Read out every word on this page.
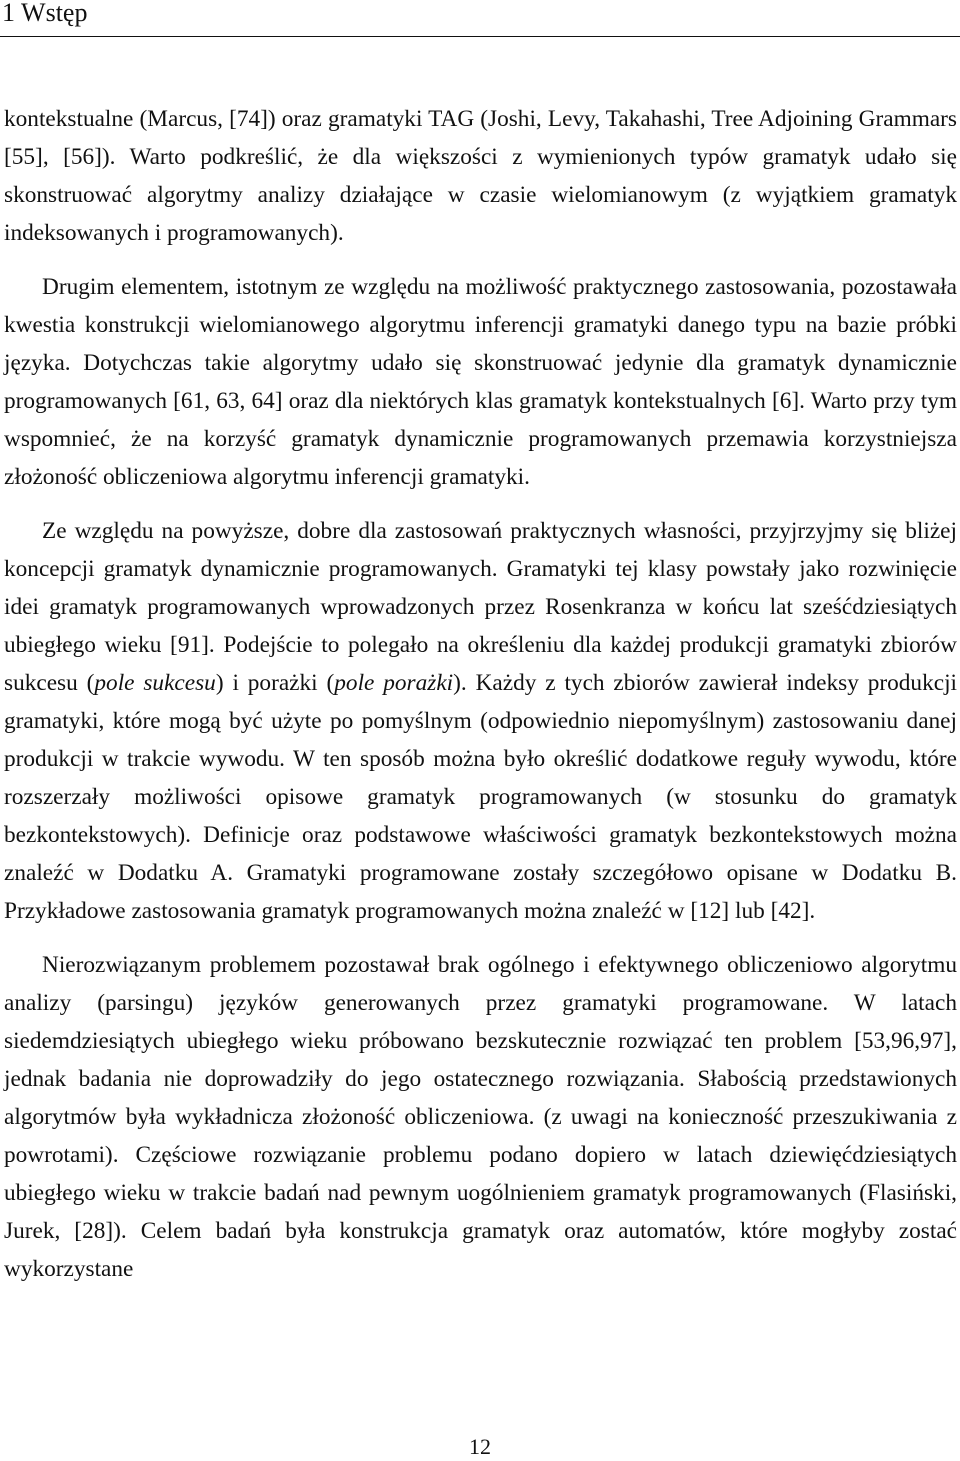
1 Wstęp

kontekstualne (Marcus, [74]) oraz gramatyki TAG (Joshi, Levy, Takahashi, Tree Adjoining Grammars [55], [56]). Warto podkreślić, że dla większości z wymienionych typów gramatyk udało się skonstruować algorytmy analizy działające w czasie wielomianowym (z wyjątkiem gramatyk indeksowanych i programowanych).

Drugim elementem, istotnym ze względu na możliwość praktycznego zastosowania, pozostawała kwestia konstrukcji wielomianowego algorytmu inferencji gramatyki danego typu na bazie próbki języka. Dotychczas takie algorytmy udało się skonstruować jedynie dla gramatyk dynamicznie programowanych [61, 63, 64] oraz dla niektórych klas gramatyk kontekstualnych [6]. Warto przy tym wspomnieć, że na korzyść gramatyk dynamicznie programowanych przemawia korzystniejsza złożoność obliczeniowa algorytmu inferencji gramatyki.

Ze względu na powyższe, dobre dla zastosowań praktycznych własności, przyjrzyjmy się bliżej koncepcji gramatyk dynamicznie programowanych. Gramatyki tej klasy powstały jako rozwinięcie idei gramatyk programowanych wprowadzonych przez Rosenkranza w końcu lat sześćdziesiątych ubiegłego wieku [91]. Podejście to polegało na określeniu dla każdej produkcji gramatyki zbiorów sukcesu (pole sukcesu) i porażki (pole porażki). Każdy z tych zbiorów zawierał indeksy produkcji gramatyki, które mogą być użyte po pomyślnym (odpowiednio niepomyślnym) zastosowaniu danej produkcji w trakcie wywodu. W ten sposób można było określić dodatkowe reguły wywodu, które rozszerzały możliwości opisowe gramatyk programowanych (w stosunku do gramatyk bezkontekstowych). Definicje oraz podstawowe właściwości gramatyk bezkontekstowych można znaleźć w Dodatku A. Gramatyki programowane zostały szczegółowo opisane w Dodatku B. Przykładowe zastosowania gramatyk programowanych można znaleźć w [12] lub [42].

Nierozwiązanym problemem pozostawał brak ogólnego i efektywnego obliczeniowo algorytmu analizy (parsingu) języków generowanych przez gramatyki programowane. W latach siedemdziesiątych ubiegłego wieku próbowano bezskutecznie rozwiązać ten problem [53,96,97], jednak badania nie doprowadziły do jego ostatecznego rozwiązania. Słabością przedstawionych algorytmów była wykładnicza złożoność obliczeniowa. (z uwagi na konieczność przeszukiwania z powrotami). Częściowe rozwiązanie problemu podano dopiero w latach dziewięćdziesiątych ubiegłego wieku w trakcie badań nad pewnym uogólnieniem gramatyk programowanych (Flasiński, Jurek, [28]). Celem badań była konstrukcja gramatyk oraz automatów, które mogłyby zostać wykorzystane

12
